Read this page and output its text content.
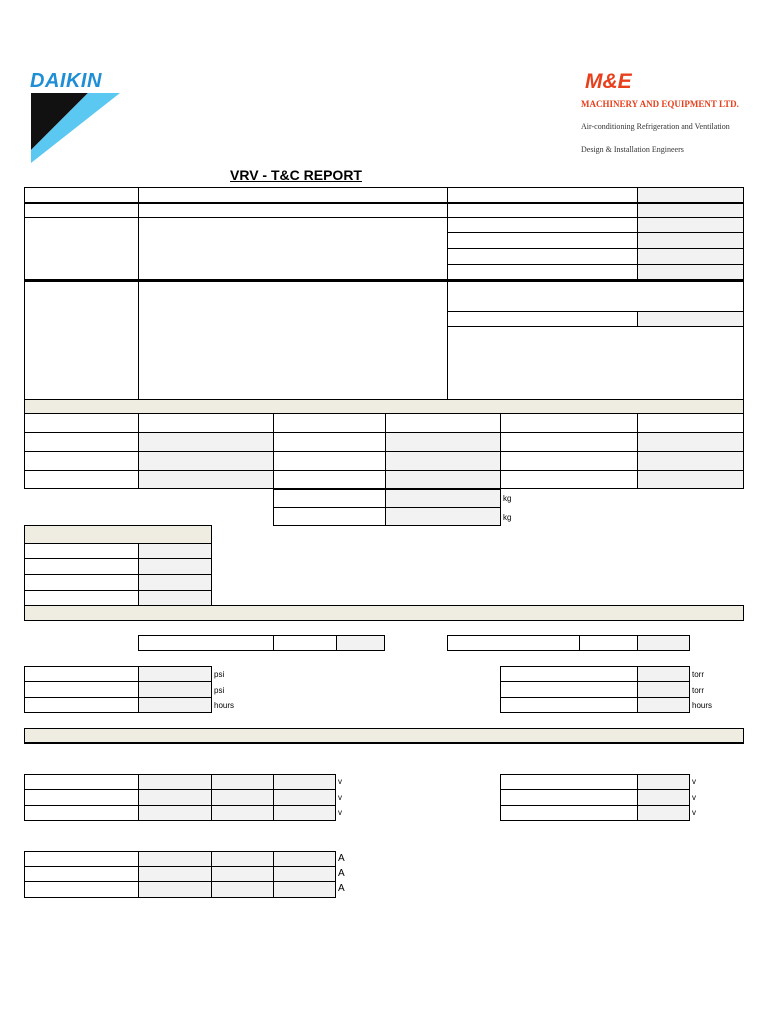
DAIKIN	M&E
MACHINERY AND EQUIPMENT LTD.
Air-conditioning Refrigeration and Ventilation
Design & Installation Engineers
VRV - T&C REPORT
kg
kg
psi
psi
hours
torr
torr
hours
v
v
v
v
v
v
A
A
A
